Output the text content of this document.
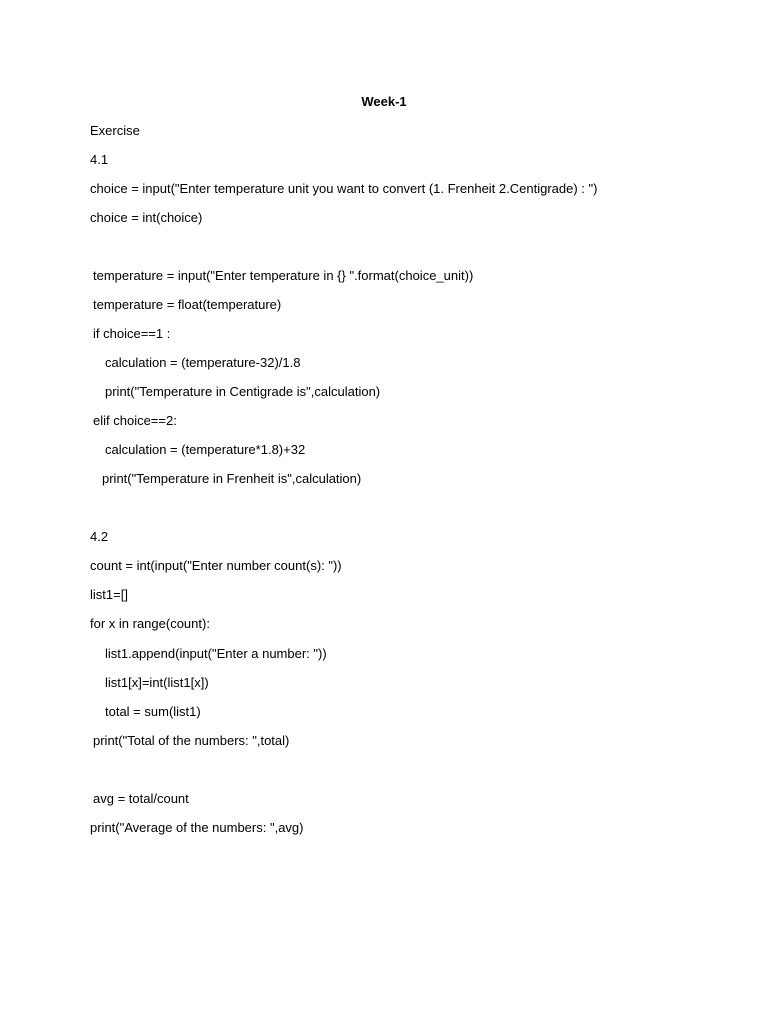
Week-1
Exercise
4.1
choice = input("Enter temperature unit you want to convert (1. Frenheit 2.Centigrade) : ")
choice = int(choice)
temperature = input("Enter temperature in {} ".format(choice_unit))
temperature = float(temperature)
if choice==1 :
calculation = (temperature-32)/1.8
print("Temperature in Centigrade is",calculation)
elif choice==2:
calculation = (temperature*1.8)+32
print("Temperature in Frenheit is",calculation)
4.2
count = int(input("Enter number count(s): "))
list1=[]
for x in range(count):
list1.append(input("Enter a number: "))
list1[x]=int(list1[x])
total = sum(list1)
print("Total of the numbers: ",total)
avg = total/count
print("Average of the numbers: ",avg)
